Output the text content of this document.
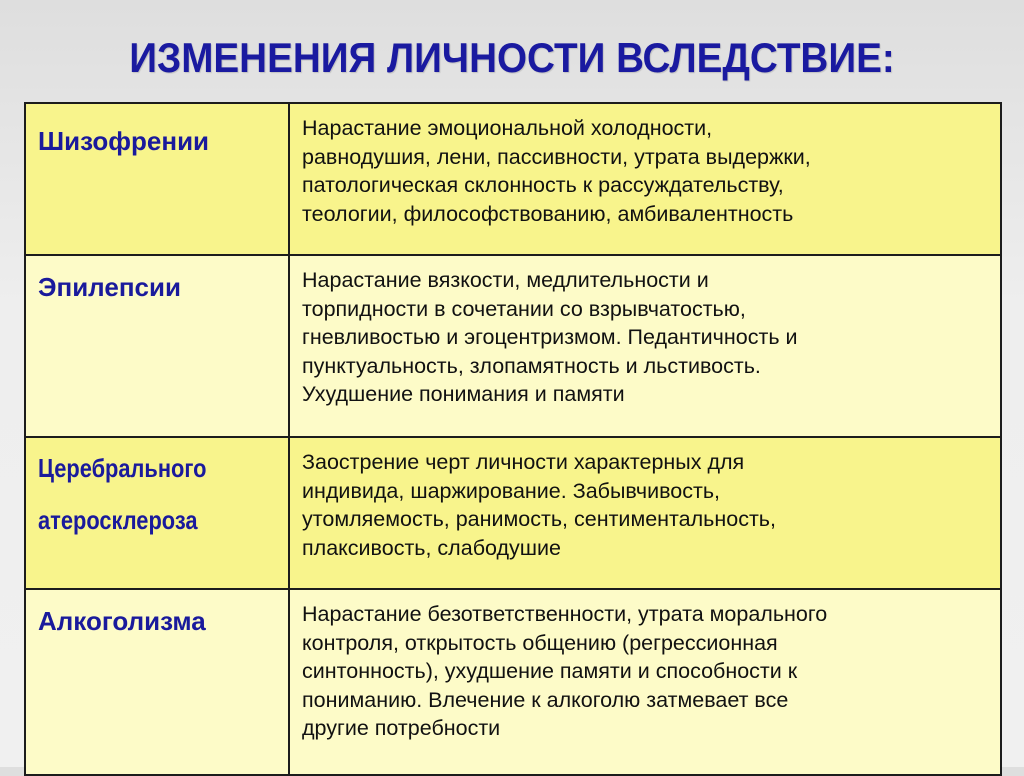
ИЗМЕНЕНИЯ ЛИЧНОСТИ ВСЛЕДСТВИЕ:
Шизофрении	Нарастание эмоциональной холодности,
равнодушия, лени, пассивности, утрата выдержки,
патологическая склонность к рассуждательству,
теологии, философствованию, амбивалентность

Эпилепсии	Нарастание вязкости, медлительности и
торпидности в сочетании со взрывчатостью,
гневливостью и эгоцентризмом. Педантичность и
пунктуальность, злопамятность и льстивость.
Ухудшение понимания и памяти

Церебрального
атеросклероза	Заострение черт личности характерных для
индивида, шаржирование. Забывчивость,
утомляемость, ранимость, сентиментальность,
плаксивость, слабодушие

Алкоголизма	Нарастание безответственности, утрата морального
контроля, открытость общению (регрессионная
синтонность), ухудшение памяти и способности к
пониманию. Влечение к алкоголю затмевает все
другие потребности
